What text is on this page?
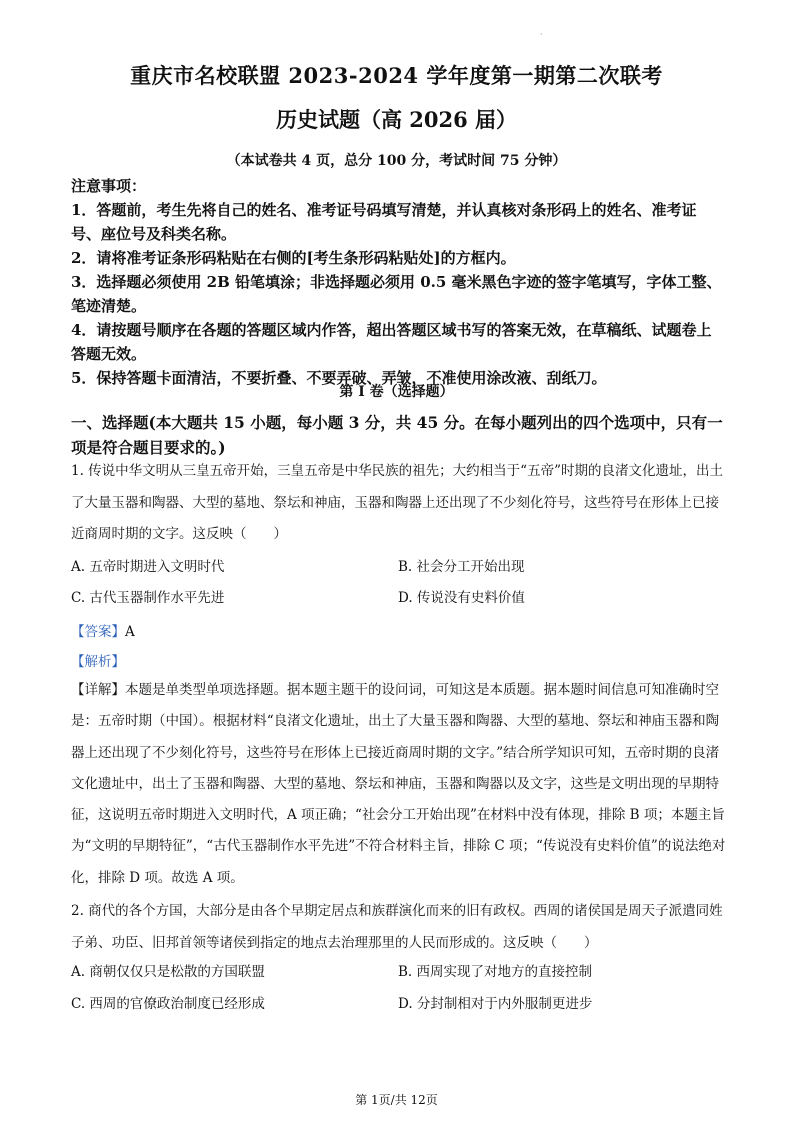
·
重庆市名校联盟 2023-2024 学年度第一期第二次联考
历史试题（高 2026 届）
（本试卷共 4 页，总分 100 分，考试时间 75 分钟）

注意事项：

1．答题前，考生先将自己的姓名、准考证号码填写清楚，并认真核对条形码上的姓名、准考证号、座位号及科类名称。

2．请将准考证条形码粘贴在右侧的[考生条形码粘贴处]的方框内。

3．选择题必须使用 2B 铅笔填涂；非选择题必须用 0.5 毫米黑色字迹的签字笔填写，字体工整、笔迹清楚。

4．请按题号顺序在各题的答题区域内作答，超出答题区域书写的答案无效，在草稿纸、试题卷上答题无效。

5．保持答题卡面清洁，不要折叠、不要弄破、弄皱，不准使用涂改液、刮纸刀。

第 I 卷（选择题）
一、选择题(本大题共 15 小题，每小题 3 分，共 45 分。在每小题列出的四个选项中，只有一项是符合题目要求的。)
1. 传说中华文明从三皇五帝开始，三皇五帝是中华民族的祖先；大约相当于“五帝”时期的良渚文化遗址，出土了大量玉器和陶器、大型的墓地、祭坛和神庙，玉器和陶器上还出现了不少刻化符号，这些符号在形体上已接近商周时期的文字。这反映（　　）
A. 五帝时期进入文明时代	B. 社会分工开始出现
C. 古代玉器制作水平先进	D. 传说没有史料价值
【答案】A
【解析】
【详解】本题是单类型单项选择题。据本题主题干的设问词，可知这是本质题。据本题时间信息可知准确时空是：五帝时期（中国）。根据材料“良渚文化遗址，出土了大量玉器和陶器、大型的墓地、祭坛和神庙玉器和陶器上还出现了不少刻化符号，这些符号在形体上已接近商周时期的文字。”结合所学知识可知，五帝时期的良渚文化遗址中，出土了玉器和陶器、大型的墓地、祭坛和神庙，玉器和陶器以及文字，这些是文明出现的早期特征，这说明五帝时期进入文明时代，A 项正确；“社会分工开始出现”在材料中没有体现，排除 B 项；本题主旨为“文明的早期特征”，“古代玉器制作水平先进”不符合材料主旨，排除 C 项；“传说没有史料价值”的说法绝对化，排除 D 项。故选 A 项。
2. 商代的各个方国，大部分是由各个早期定居点和族群演化而来的旧有政权。西周的诸侯国是周天子派遣同姓子弟、功臣、旧邦首领等诸侯到指定的地点去治理那里的人民而形成的。这反映（　　）
A. 商朝仅仅只是松散的方国联盟	B. 西周实现了对地方的直接控制
C. 西周的官僚政治制度已经形成	D. 分封制相对于内外服制更进步
第 1页/共 12页
